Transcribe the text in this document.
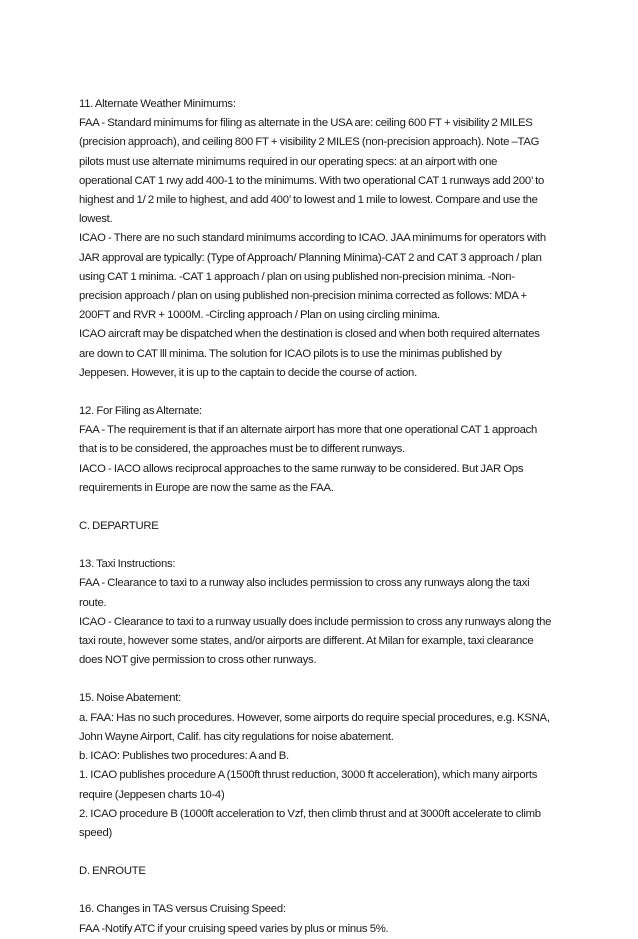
11. Alternate Weather Minimums:
FAA - Standard minimums for filing as alternate in the USA are: ceiling 600 FT + visibility 2 MILES
(precision approach), and ceiling 800 FT + visibility 2 MILES (non-precision approach). Note –TAG
pilots must use alternate minimums required in our operating specs: at an airport with one
operational CAT 1 rwy add 400-1 to the minimums. With two operational CAT 1 runways add 200’ to
highest and 1/ 2 mile to highest, and add 400’ to lowest and 1 mile to lowest. Compare and use the
lowest.
ICAO - There are no such standard minimums according to ICAO. JAA minimums for operators with
JAR approval are typically: (Type of Approach/ Planning Minima)-CAT 2 and CAT 3 approach / plan
using CAT 1 minima. -CAT 1 approach / plan on using published non-precision minima. -Non-
precision approach / plan on using published non-precision minima corrected as follows: MDA +
200FT and RVR + 1000M. -Circling approach / Plan on using circling minima.
ICAO aircraft may be dispatched when the destination is closed and when both required alternates
are down to CAT lll minima. The solution for ICAO pilots is to use the minimas published by
Jeppesen. However, it is up to the captain to decide the course of action.
12. For Filing as Alternate:
FAA - The requirement is that if an alternate airport has more that one operational CAT 1 approach
that is to be considered, the approaches must be to different runways.
IACO - IACO allows reciprocal approaches to the same runway to be considered. But JAR Ops
requirements in Europe are now the same as the FAA.
C. DEPARTURE
13. Taxi Instructions:
FAA - Clearance to taxi to a runway also includes permission to cross any runways along the taxi
route.
ICAO - Clearance to taxi to a runway usually does include permission to cross any runways along the
taxi route, however some states, and/or airports are different. At Milan for example, taxi clearance
does NOT give permission to cross other runways.
15. Noise Abatement:
a. FAA: Has no such procedures. However, some airports do require special procedures, e.g. KSNA,
John Wayne Airport, Calif. has city regulations for noise abatement.
b. ICAO: Publishes two procedures: A and B.
1. ICAO publishes procedure A (1500ft thrust reduction, 3000 ft acceleration), which many airports
require (Jeppesen charts 10-4)
2. ICAO procedure B (1000ft acceleration to Vzf, then climb thrust and at 3000ft accelerate to climb
speed)
D. ENROUTE
16. Changes in TAS versus Cruising Speed:
FAA -Notify ATC if your cruising speed varies by plus or minus 5%.
